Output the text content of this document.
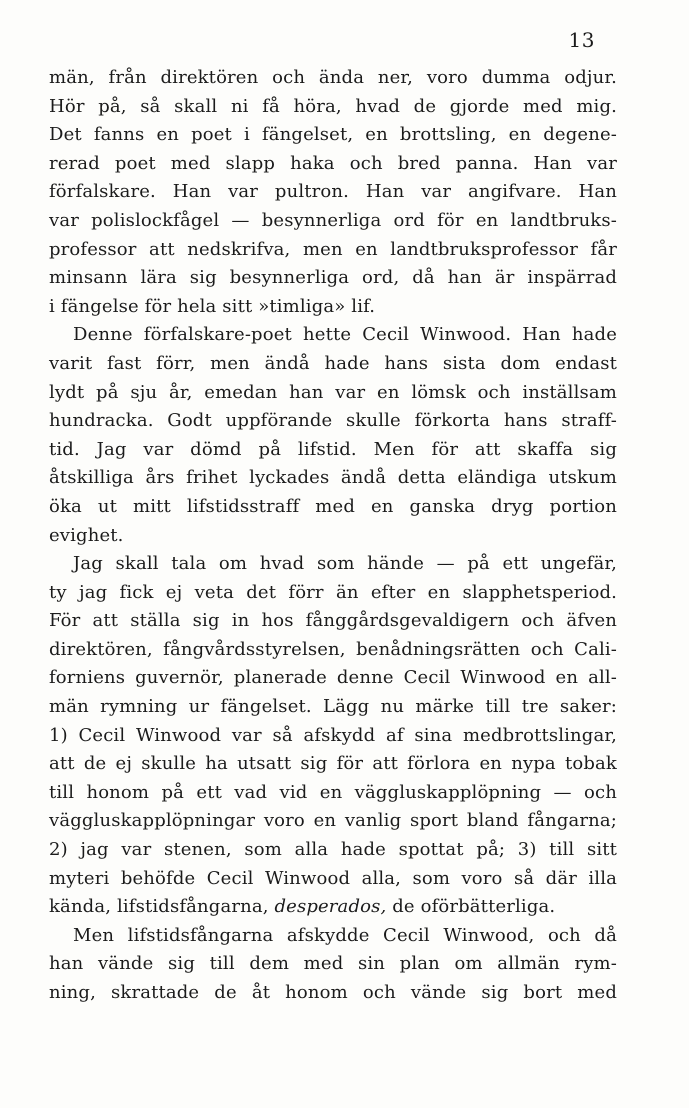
13
män, från direktören och ända ner, voro dumma odjur.
Hör på, så skall ni få höra, hvad de gjorde med mig.
Det fanns en poet i fängelset, en brottsling, en degene-
rerad poet med slapp haka och bred panna. Han var
förfalskare. Han var pultron. Han var angifvare. Han
var polislockfågel — besynnerliga ord för en landtbruks-
professor att nedskrifva, men en landtbruksprofessor får
minsann lära sig besynnerliga ord, då han är inspärrad
i fängelse för hela sitt »timliga» lif.
Denne förfalskare-poet hette Cecil Winwood. Han hade
varit fast förr, men ändå hade hans sista dom endast
lydt på sju år, emedan han var en lömsk och inställsam
hundracka. Godt uppförande skulle förkorta hans straff-
tid. Jag var dömd på lifstid. Men för att skaffa sig
åtskilliga års frihet lyckades ändå detta eländiga utskum
öka ut mitt lifstidsstraff med en ganska dryg portion
evighet.
Jag skall tala om hvad som hände — på ett ungefär,
ty jag fick ej veta det förr än efter en slapphetsperiod.
För att ställa sig in hos fånggårdsgevaldigern och äfven
direktören, fångvårdsstyrelsen, benådningsrätten och Cali-
forniens guvernör, planerade denne Cecil Winwood en all-
män rymning ur fängelset. Lägg nu märke till tre saker:
1) Cecil Winwood var så afskydd af sina medbrottslingar,
att de ej skulle ha utsatt sig för att förlora en nypa tobak
till honom på ett vad vid en väggluskapplöpning — och
väggluskapplöpningar voro en vanlig sport bland fångarna;
2) jag var stenen, som alla hade spottat på; 3) till sitt
myteri behöfde Cecil Winwood alla, som voro så där illa
kända, lifstidsfångarna, desperados, de oförbätterliga.
Men lifstidsfångarna afskydde Cecil Winwood, och då
han vände sig till dem med sin plan om allmän rym-
ning, skrattade de åt honom och vände sig bort med
